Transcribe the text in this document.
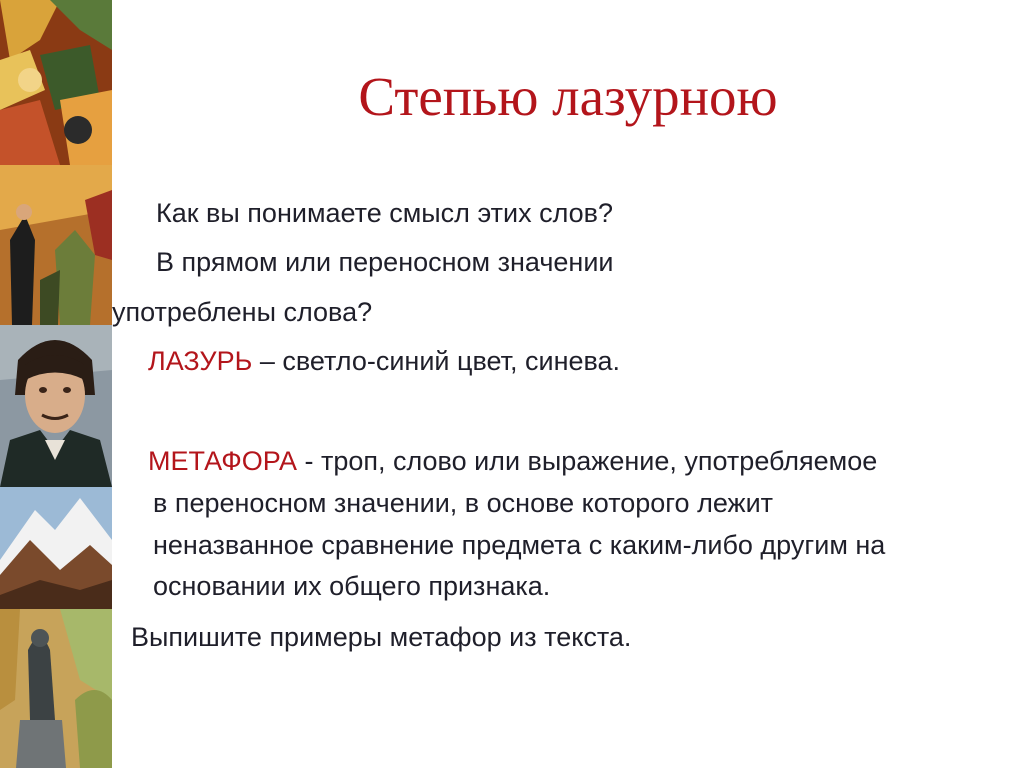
Степью лазурною
Как вы понимаете смысл этих слов?
В прямом или переносном значении
употреблены слова?
ЛАЗУРЬ – светло-синий цвет, синева.
МЕТАФОРА - троп, слово или выражение, употребляемое
в переносном значении, в основе которого лежит
неназванное сравнение предмета с каким-либо другим на
основании их общего признака.
Выпишите примеры метафор из текста.
